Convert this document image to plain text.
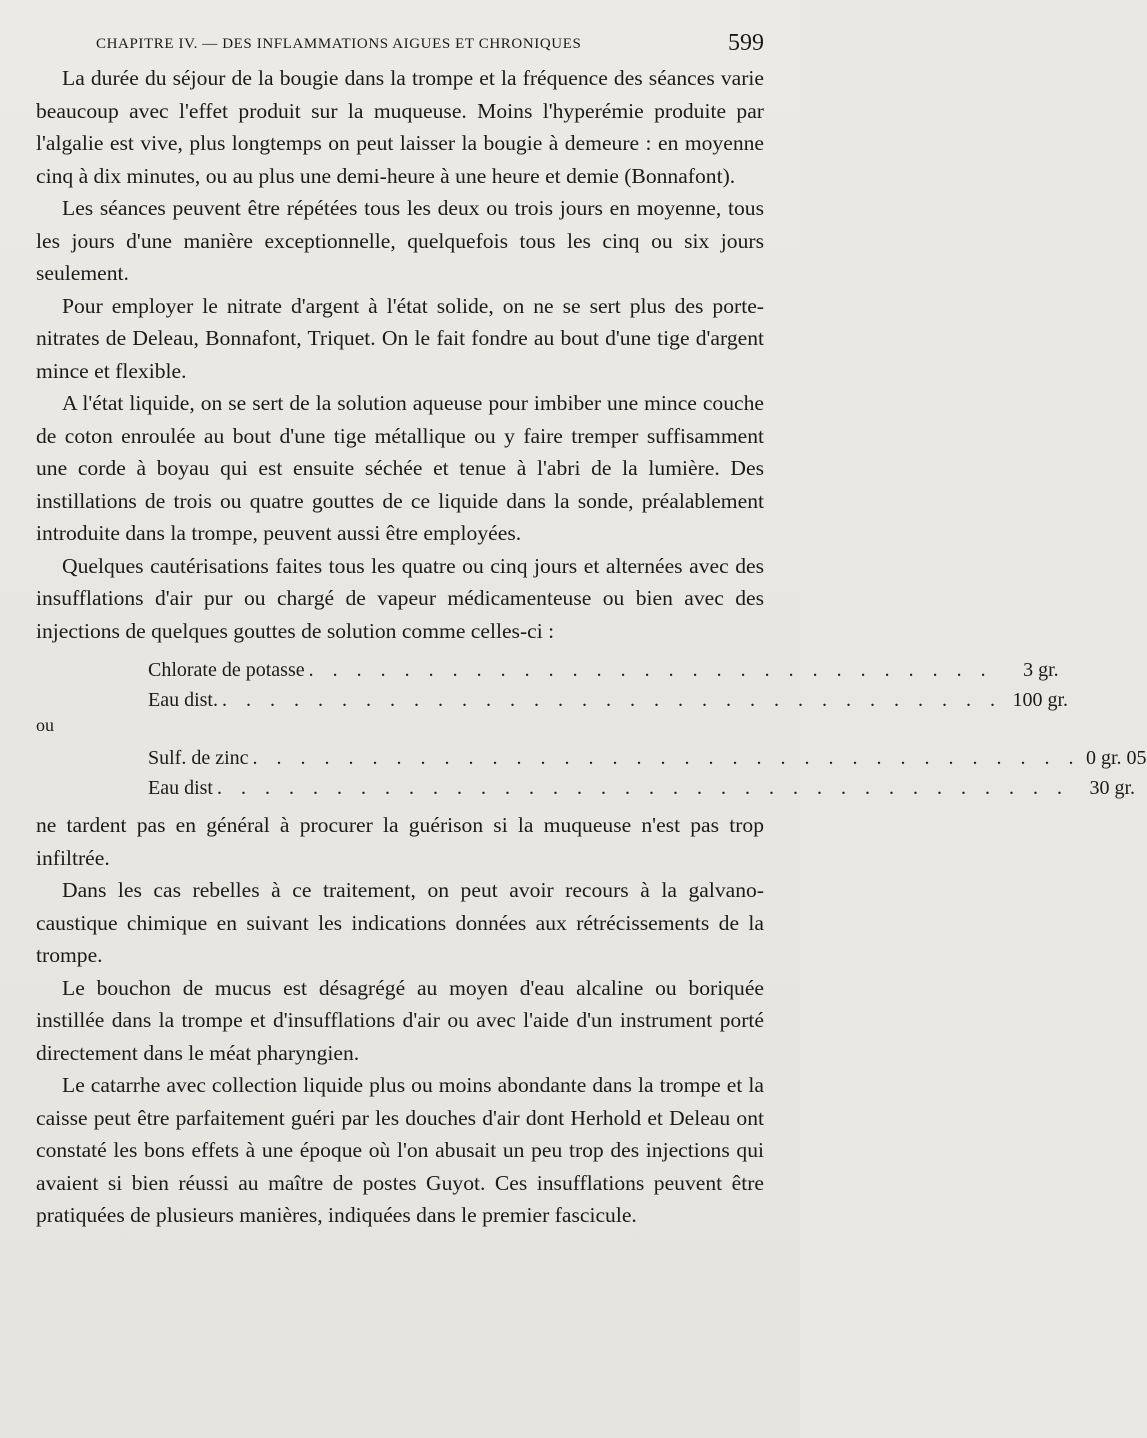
CHAPITRE IV. — DES INFLAMMATIONS AIGUES ET CHRONIQUES	599

La durée du séjour de la bougie dans la trompe et la fréquence des séances varie beaucoup avec l'effet produit sur la muqueuse. Moins l'hyperémie produite par l'algalie est vive, plus longtemps on peut laisser la bougie à demeure : en moyenne cinq à dix minutes, ou au plus une demi-heure à une heure et demie (Bonnafont).

Les séances peuvent être répétées tous les deux ou trois jours en moyenne, tous les jours d'une manière exceptionnelle, quelquefois tous les cinq ou six jours seulement.

Pour employer le nitrate d'argent à l'état solide, on ne se sert plus des porte-nitrates de Deleau, Bonnafont, Triquet. On le fait fondre au bout d'une tige d'argent mince et flexible.

A l'état liquide, on se sert de la solution aqueuse pour imbiber une mince couche de coton enroulée au bout d'une tige métallique ou y faire tremper suffisamment une corde à boyau qui est ensuite séchée et tenue à l'abri de la lumière. Des instillations de trois ou quatre gouttes de ce liquide dans la sonde, préalablement introduite dans la trompe, peuvent aussi être employées.

Quelques cautérisations faites tous les quatre ou cinq jours et alternées avec des insufflations d'air pur ou chargé de vapeur médicamenteuse ou bien avec des injections de quelques gouttes de solution comme celles-ci :

Chlorate de potasse . . . . . . . . . . . . . . . . . . . . . . . . . . . . .	3 gr.
Eau dist. . . . . . . . . . . . . . . . . . . . . . . . . . . . . . . . . . 100 gr.
ou
Sulf. de zinc . . . . . . . . . . . . . . . . . . . . . . . . . . . . . . . . . . . 0 gr. 05
Eau dist . . . . . . . . . . . . . . . . . . . . . . . . . . . . . . . . . . . .	30 gr.

ne tardent pas en général à procurer la guérison si la muqueuse n'est pas trop infiltrée.

Dans les cas rebelles à ce traitement, on peut avoir recours à la galvano-caustique chimique en suivant les indications données aux rétrécissements de la trompe.

Le bouchon de mucus est désagrégé au moyen d'eau alcaline ou boriquée instillée dans la trompe et d'insufflations d'air ou avec l'aide d'un instrument porté directement dans le méat pharyngien.

Le catarrhe avec collection liquide plus ou moins abondante dans la trompe et la caisse peut être parfaitement guéri par les douches d'air dont Herhold et Deleau ont constaté les bons effets à une époque où l'on abusait un peu trop des injections qui avaient si bien réussi au maître de postes Guyot. Ces insufflations peuvent être pratiquées de plusieurs manières, indiquées dans le premier fascicule.
